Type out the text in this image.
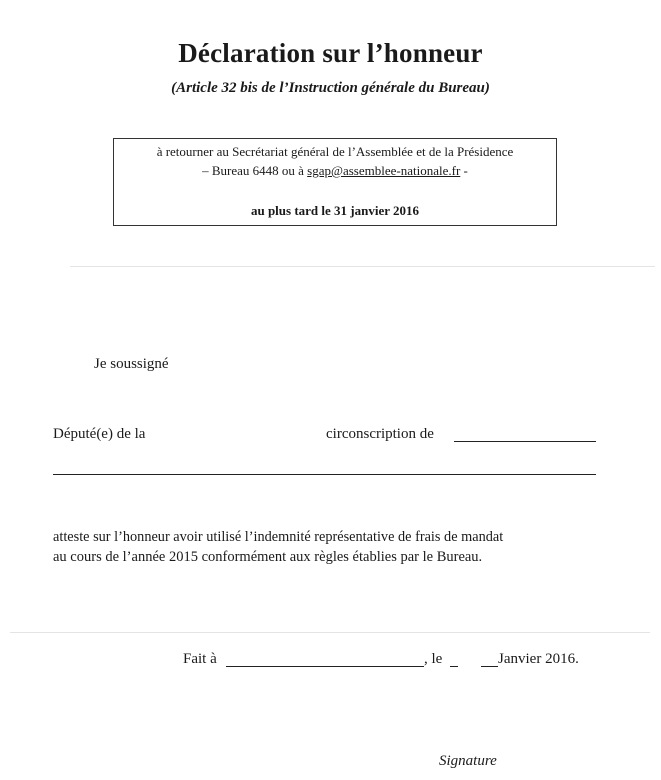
Déclaration sur l’honneur
(Article 32 bis de l’Instruction générale du Bureau)
à retourner au Secrétariat général de l’Assemblée et de la Présidence
– Bureau 6448 ou à sgap@assemblee-nationale.fr -
au plus tard le 31 janvier 2016
Je soussigné
Député(e) de la	circonscription de
atteste sur l’honneur avoir utilisé l’indemnité représentative de frais de mandat
au cours de l’année 2015 conformément aux règles établies par le Bureau.
Fait à	, le	Janvier 2016.
Signature
